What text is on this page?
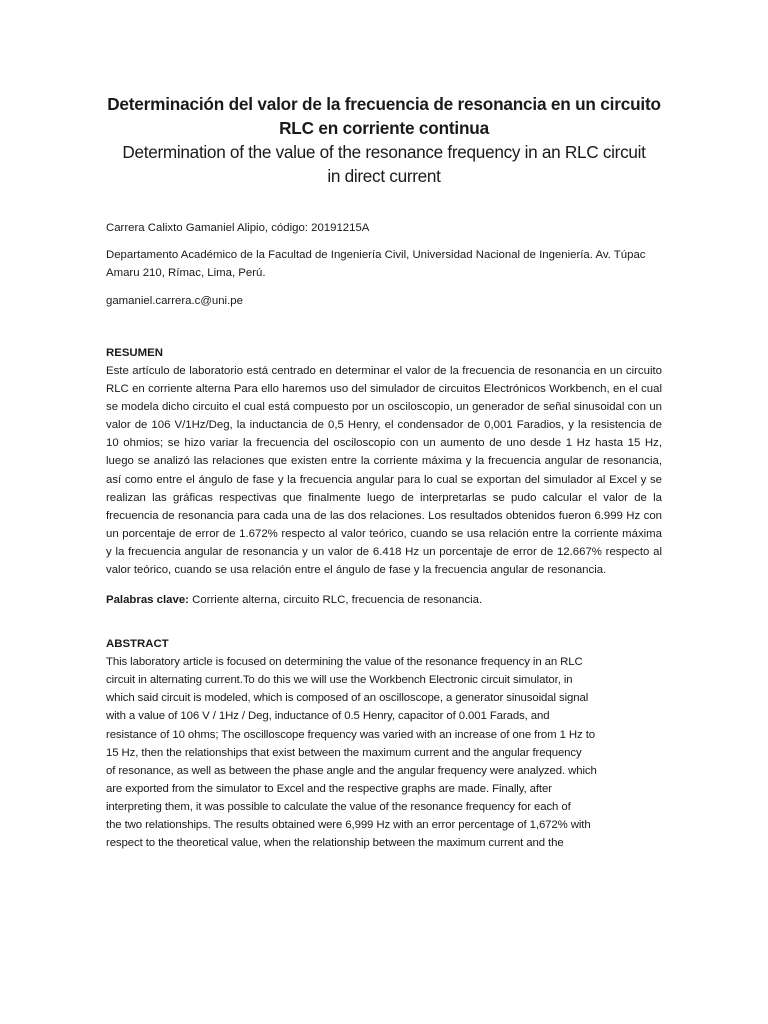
Determinación del valor de la frecuencia de resonancia en un circuito
RLC en corriente continua

Determination of the value of the resonance frequency in an RLC circuit
in direct current

Carrera Calixto Gamaniel Alipio, código: 20191215A

Departamento Académico de la Facultad de Ingeniería Civil, Universidad Nacional de Ingeniería. Av. Túpac Amaru 210, Rímac, Lima, Perú.

gamaniel.carrera.c@uni.pe

RESUMEN

Este artículo de laboratorio está centrado en determinar el valor de la frecuencia de resonancia en un circuito RLC en corriente alterna Para ello haremos uso del simulador de circuitos Electrónicos Workbench, en el cual se modela dicho circuito el cual está compuesto por un osciloscopio, un generador de señal sinusoidal con un valor de 106 V/1Hz/Deg, la inductancia de 0,5 Henry, el condensador de 0,001 Faradios, y la resistencia de 10 ohmios; se hizo variar la frecuencia del osciloscopio con un aumento de uno desde 1 Hz hasta 15 Hz, luego se analizó las relaciones que existen entre la corriente máxima y la frecuencia angular de resonancia, así como entre el ángulo de fase y la frecuencia angular para lo cual se exportan del simulador al Excel y se realizan las gráficas respectivas que finalmente luego de interpretarlas se pudo calcular el valor de la frecuencia de resonancia para cada una de las dos relaciones. Los resultados obtenidos fueron 6.999 Hz con un porcentaje de error de 1.672% respecto al valor teórico, cuando se usa relación entre la corriente máxima y la frecuencia angular de resonancia y un valor de 6.418 Hz un porcentaje de error de 12.667% respecto al valor teórico, cuando se usa relación entre el ángulo de fase y la frecuencia angular de resonancia.

Palabras clave: Corriente alterna, circuito RLC, frecuencia de resonancia.

ABSTRACT

This laboratory article is focused on determining the value of the resonance frequency in an RLC
circuit in alternating current.To do this we will use the Workbench Electronic circuit simulator, in
which said circuit is modeled, which is composed of an oscilloscope, a generator sinusoidal signal
with a value of 106 V / 1Hz / Deg, inductance of 0.5 Henry, capacitor of 0.001 Farads, and
resistance of 10 ohms; The oscilloscope frequency was varied with an increase of one from 1 Hz to
15 Hz, then the relationships that exist between the maximum current and the angular frequency
of resonance, as well as between the phase angle and the angular frequency were analyzed. which
are exported from the simulator to Excel and the respective graphs are made. Finally, after
interpreting them, it was possible to calculate the value of the resonance frequency for each of
the two relationships. The results obtained were 6,999 Hz with an error percentage of 1,672% with
respect to the theoretical value, when the relationship between the maximum current and the
